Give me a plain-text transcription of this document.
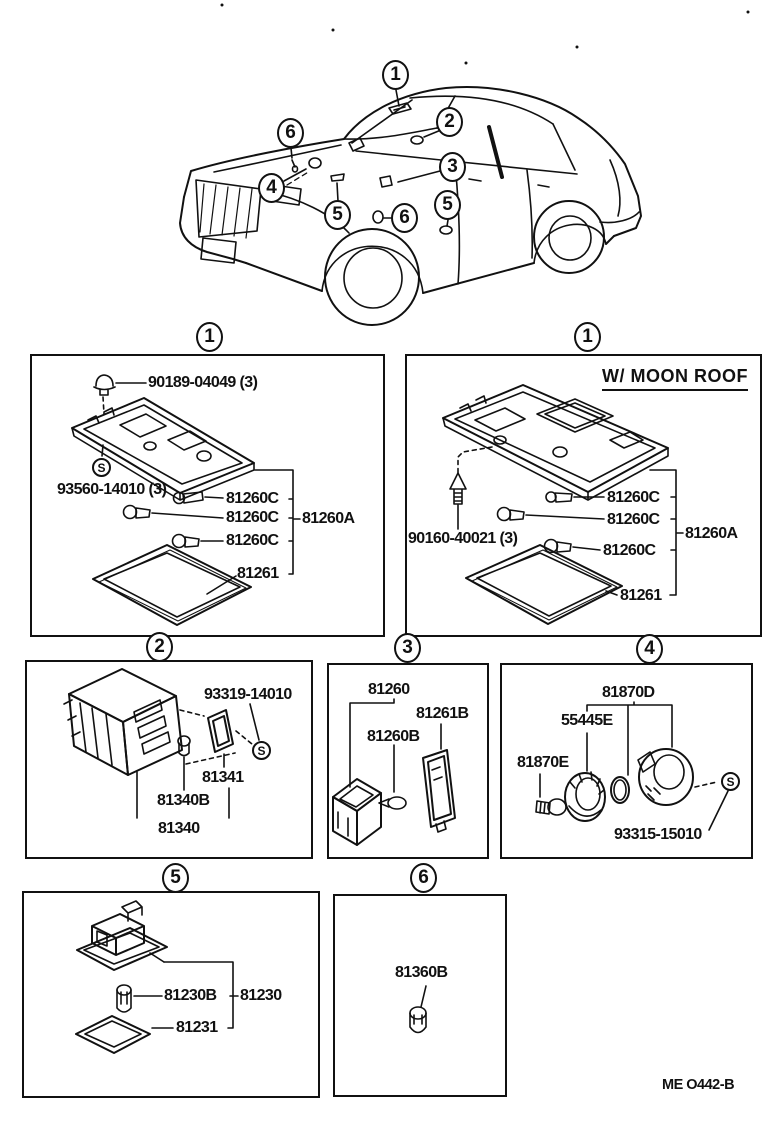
1
2
6
3
4
5	5
6
1	1
2	3	4
5	6
90189-04049 (3)
S
93560-14010 (3)
81260C
81260C
81260C
81260A
81261
W/ MOON ROOF
90160-40021 (3)
81260C
81260C
81260C
81260A
81261
93319-14010
S
81341
81340B
81340
81260
81261B
81260B
81870D
55445E
81870E
S
93315-15010
81230B 81230
81231
81360B
ME O442-B
